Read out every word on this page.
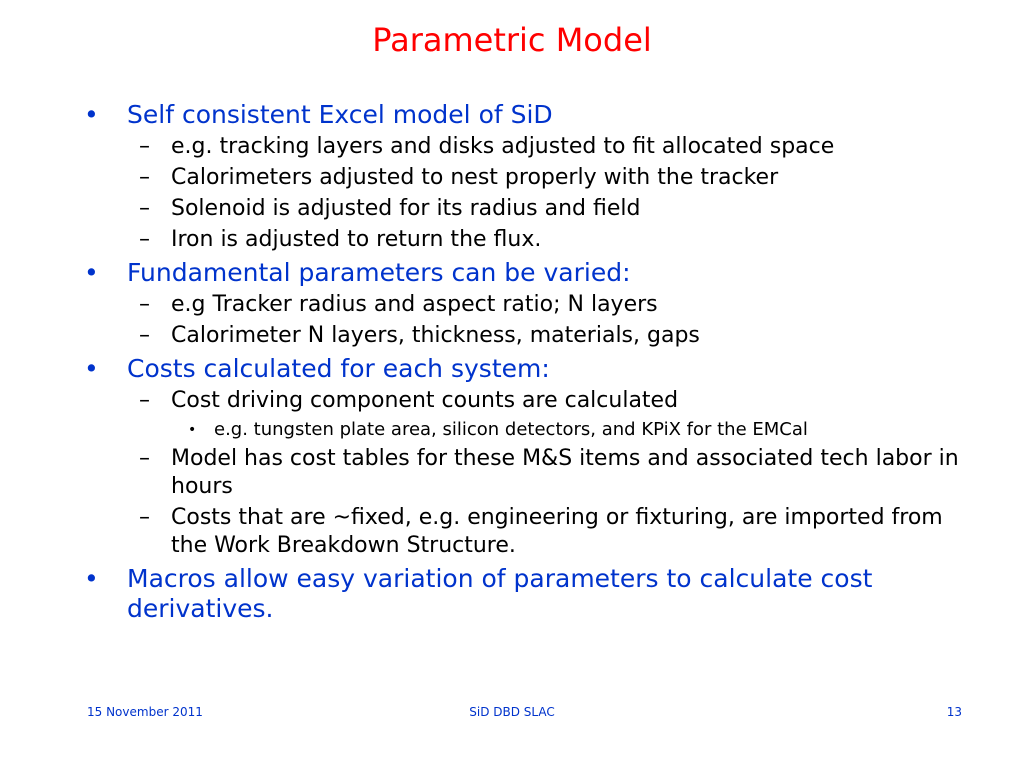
Parametric Model
• Self consistent Excel model of SiD
– e.g. tracking layers and disks adjusted to fit allocated space
– Calorimeters adjusted to nest properly with the tracker
– Solenoid is adjusted for its radius and field
– Iron is adjusted to return the flux.
• Fundamental parameters can be varied:
– e.g Tracker radius and aspect ratio; N layers
– Calorimeter N layers, thickness, materials, gaps
• Costs calculated for each system:
– Cost driving component counts are calculated
• e.g. tungsten plate area, silicon detectors, and KPiX for the EMCal
– Model has cost tables for these M&S items and associated tech labor in hours
– Costs that are ~fixed, e.g. engineering or fixturing, are imported from the Work Breakdown Structure.
• Macros allow easy variation of parameters to calculate cost derivatives.
15 November 2011	SiD DBD SLAC	13
